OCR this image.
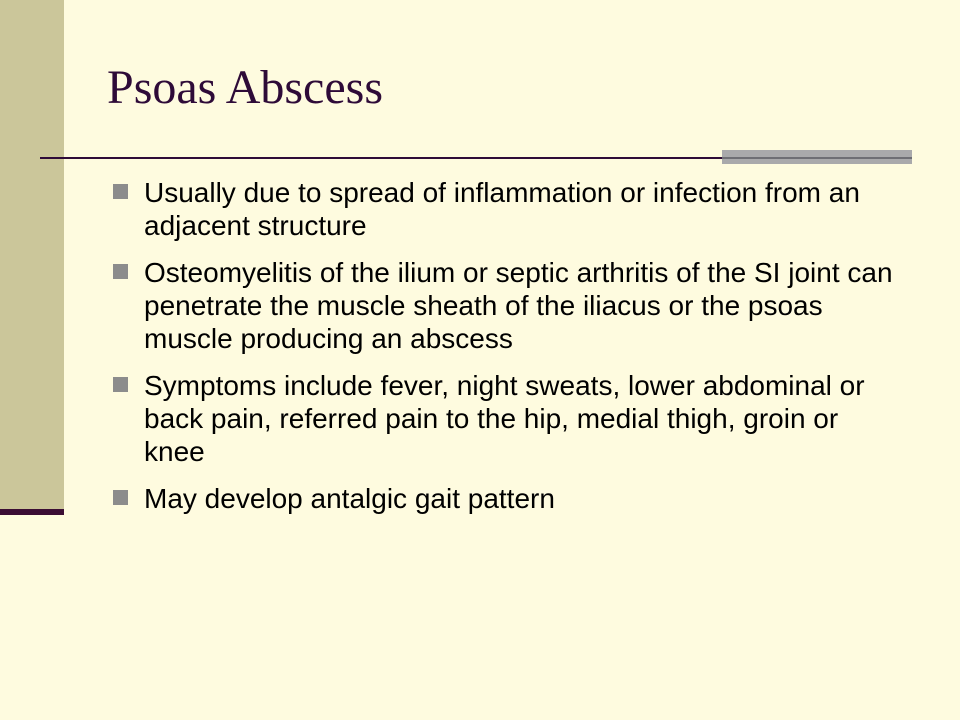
Psoas Abscess
Usually due to spread of inflammation or infection from an adjacent structure
Osteomyelitis of the ilium or septic arthritis of the SI joint can penetrate the muscle sheath of the iliacus or the psoas muscle producing an abscess
Symptoms include fever, night sweats, lower abdominal or back pain, referred pain to the hip, medial thigh, groin or knee
May develop antalgic gait pattern
